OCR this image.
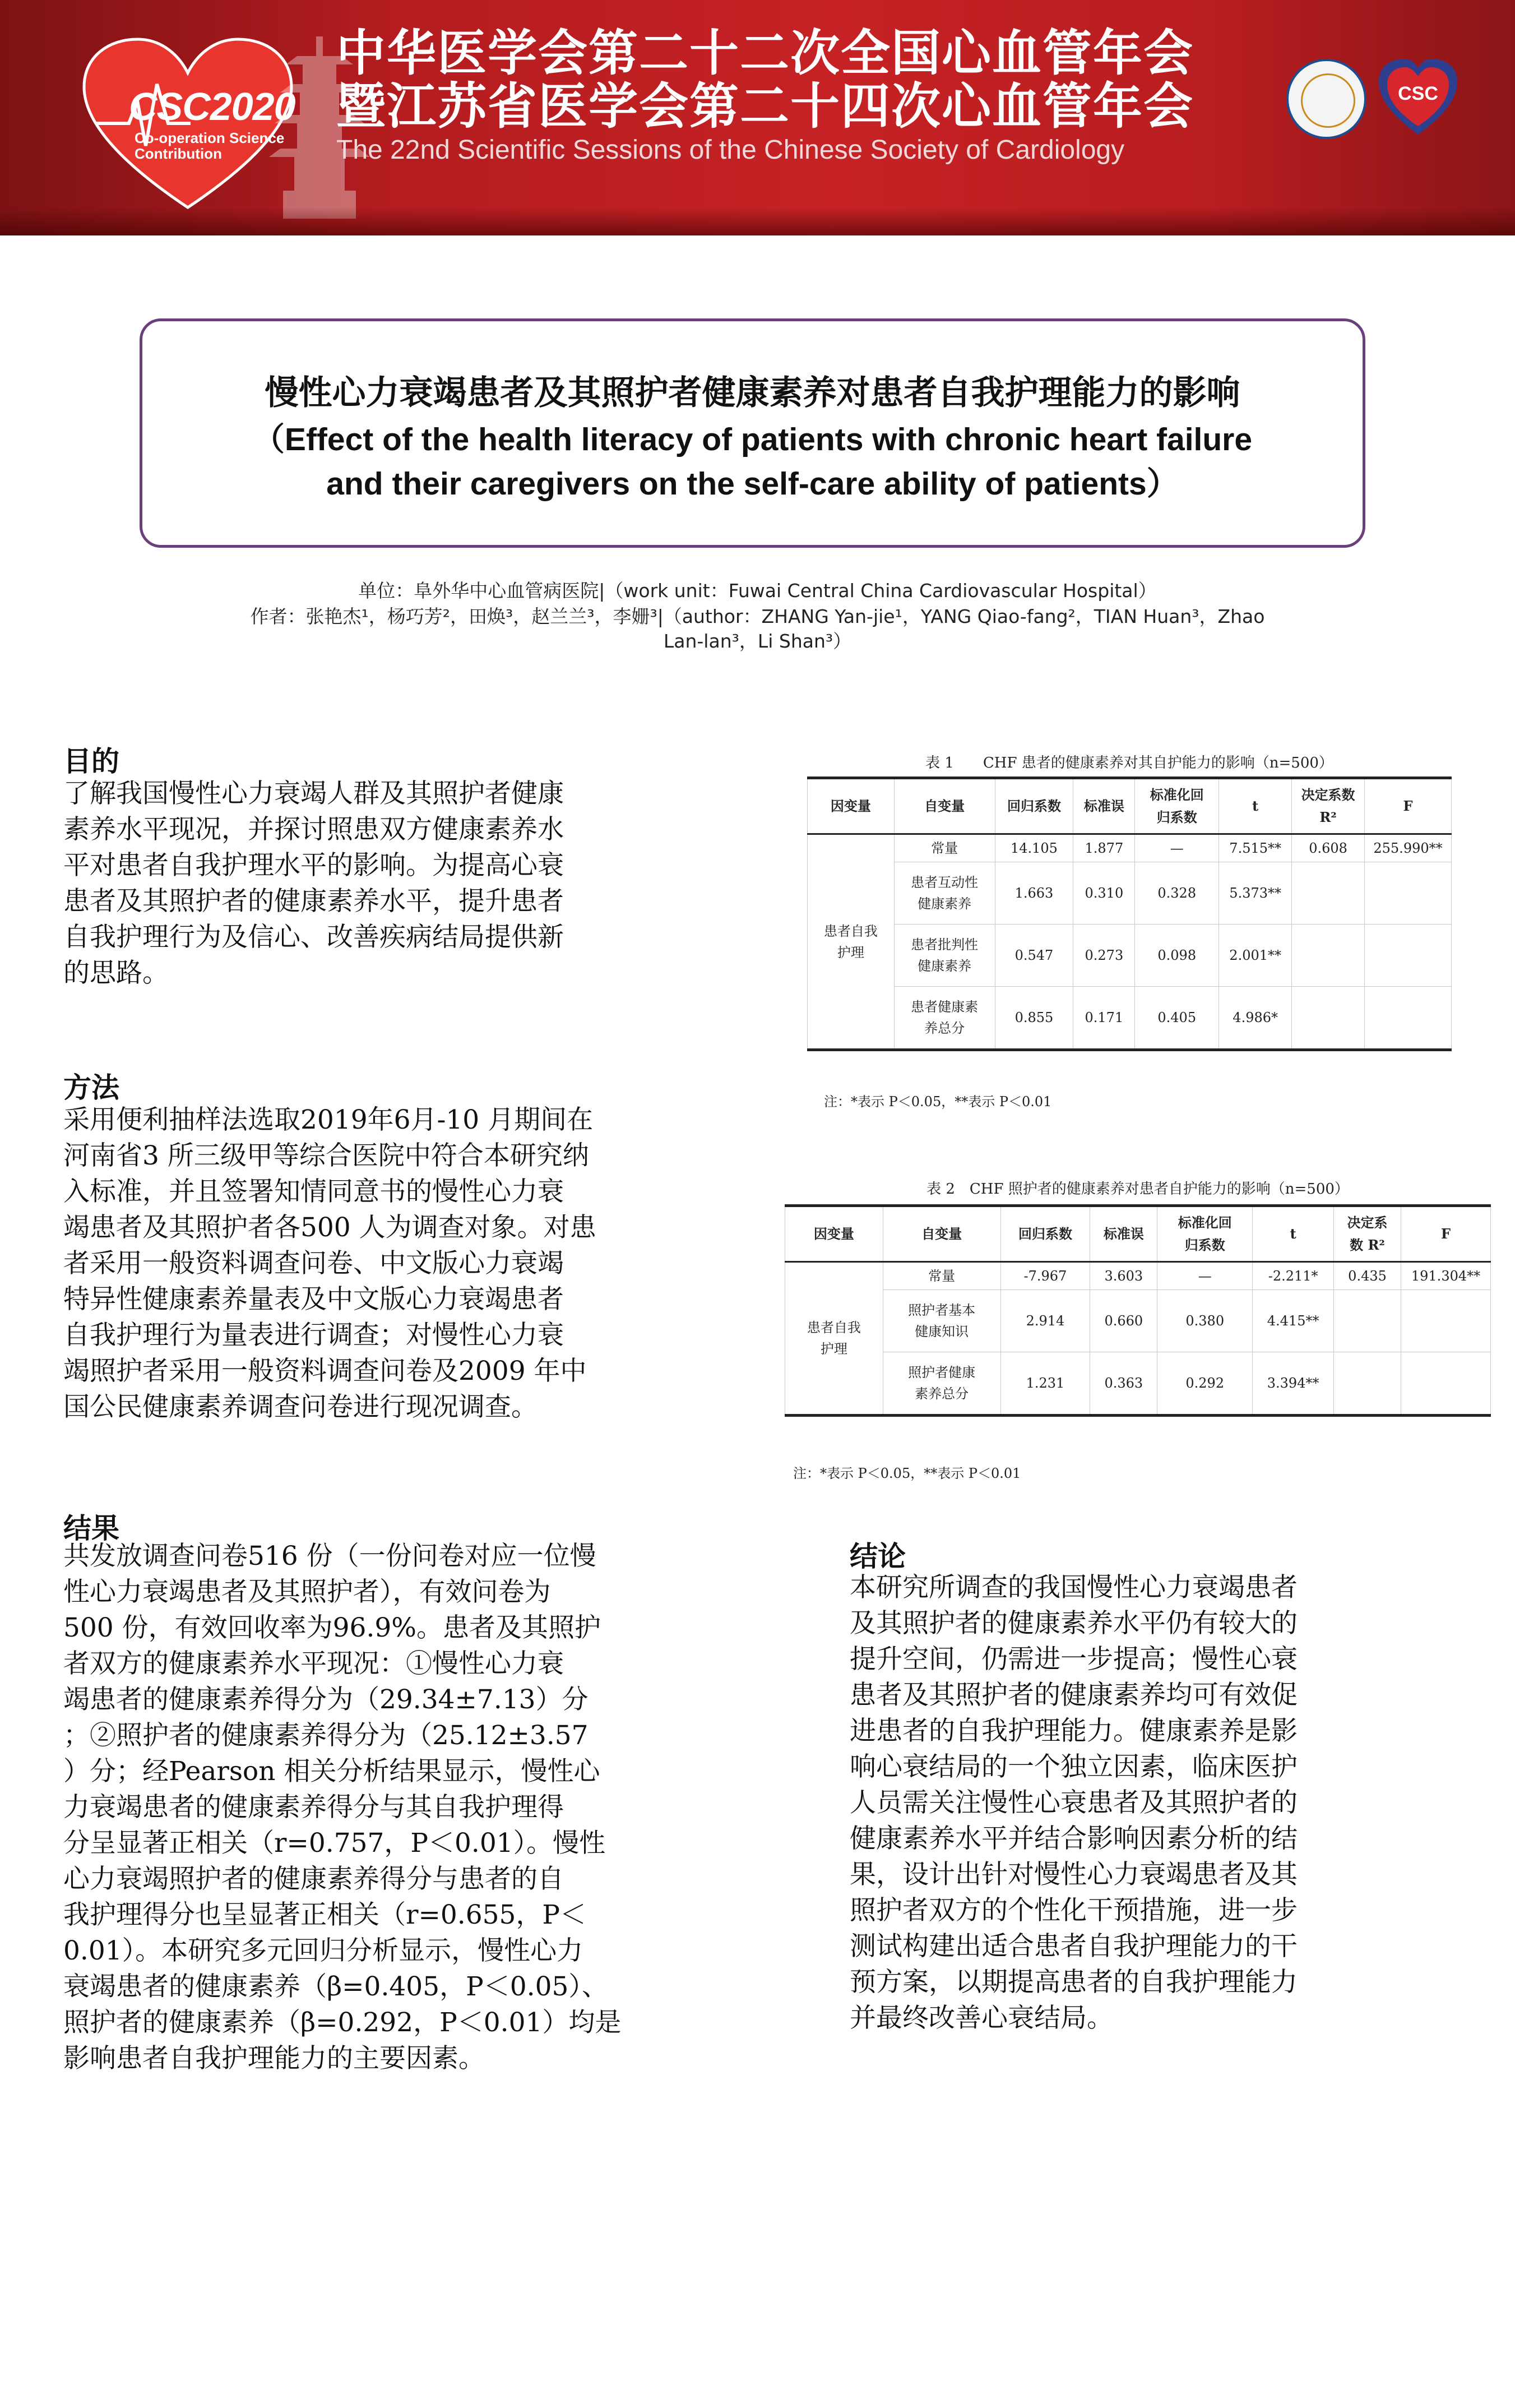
CSC2020
Co-operation Science
Contribution
中华医学会第二十二次全国心血管年会
暨江苏省医学会第二十四次心血管年会
The 22nd Scientific Sessions of the Chinese Society of Cardiology
CSC
慢性心力衰竭患者及其照护者健康素养对患者自我护理能力的影响
（Effect of the health literacy of patients with chronic heart failure
and their caregivers on the self-care ability of patients）
单位：阜外华中心血管病医院|（work unit：Fuwai Central China Cardiovascular Hospital）
作者：张艳杰¹，杨巧芳²，田焕³，赵兰兰³，李姗³|（author：ZHANG Yan-jie¹，YANG Qiao-fang²，TIAN Huan³，Zhao
Lan-lan³，Li Shan³）
目的
了解我国慢性心力衰竭人群及其照护者健康
素养水平现况，并探讨照患双方健康素养水
平对患者自我护理水平的影响。为提高心衰
患者及其照护者的健康素养水平，提升患者
自我护理行为及信心、改善疾病结局提供新
的思路。
方法
采用便利抽样法选取2019年6月-10 月期间在
河南省3 所三级甲等综合医院中符合本研究纳
入标准，并且签署知情同意书的慢性心力衰
竭患者及其照护者各500 人为调查对象。对患
者采用一般资料调查问卷、中文版心力衰竭
特异性健康素养量表及中文版心力衰竭患者
自我护理行为量表进行调查；对慢性心力衰
竭照护者采用一般资料调查问卷及2009 年中
国公民健康素养调查问卷进行现况调查。
结果
共发放调查问卷516 份（一份问卷对应一位慢
性心力衰竭患者及其照护者），有效问卷为
500 份，有效回收率为96.9%。患者及其照护
者双方的健康素养水平现况：①慢性心力衰
竭患者的健康素养得分为（29.34±7.13）分
；②照护者的健康素养得分为（25.12±3.57
）分；经Pearson 相关分析结果显示，慢性心
力衰竭患者的健康素养得分与其自我护理得
分呈显著正相关（r=0.757，P＜0.01）。慢性
心力衰竭照护者的健康素养得分与患者的自
我护理得分也呈显著正相关（r=0.655，P＜
0.01）。本研究多元回归分析显示，慢性心力
衰竭患者的健康素养（β=0.405，P＜0.05）、
照护者的健康素养（β=0.292，P＜0.01）均是
影响患者自我护理能力的主要因素。
结论
本研究所调查的我国慢性心力衰竭患者
及其照护者的健康素养水平仍有较大的
提升空间，仍需进一步提高；慢性心衰
患者及其照护者的健康素养均可有效促
进患者的自我护理能力。健康素养是影
响心衰结局的一个独立因素，临床医护
人员需关注慢性心衰患者及其照护者的
健康素养水平并结合影响因素分析的结
果，设计出针对慢性心力衰竭患者及其
照护者双方的个性化干预措施，进一步
测试构建出适合患者自我护理能力的干
预方案，以期提高患者的自我护理能力
并最终改善心衰结局。
表 1　　CHF 患者的健康素养对其自护能力的影响（n=500）
因变量	自变量	回归系数	标准误	标准化回
归系数	t	决定系数
R²	F
患者自我
护理	常量	14.105	1.877	—	7.515**	0.608	255.990**
	患者互动性
健康素养	1.663	0.310	0.328	5.373**		
	患者批判性
健康素养	0.547	0.273	0.098	2.001**		
	患者健康素
养总分	0.855	0.171	0.405	4.986*		
注：*表示 P＜0.05，**表示 P＜0.01
表 2　CHF 照护者的健康素养对患者自护能力的影响（n=500）
因变量	自变量	回归系数	标准误	标准化回
归系数	t	决定系
数 R²	F
患者自我
护理	常量	-7.967	3.603	—	-2.211*	0.435	191.304**
	照护者基本
健康知识	2.914	0.660	0.380	4.415**		
	照护者健康
素养总分	1.231	0.363	0.292	3.394**		
注：*表示 P＜0.05，**表示 P＜0.01
